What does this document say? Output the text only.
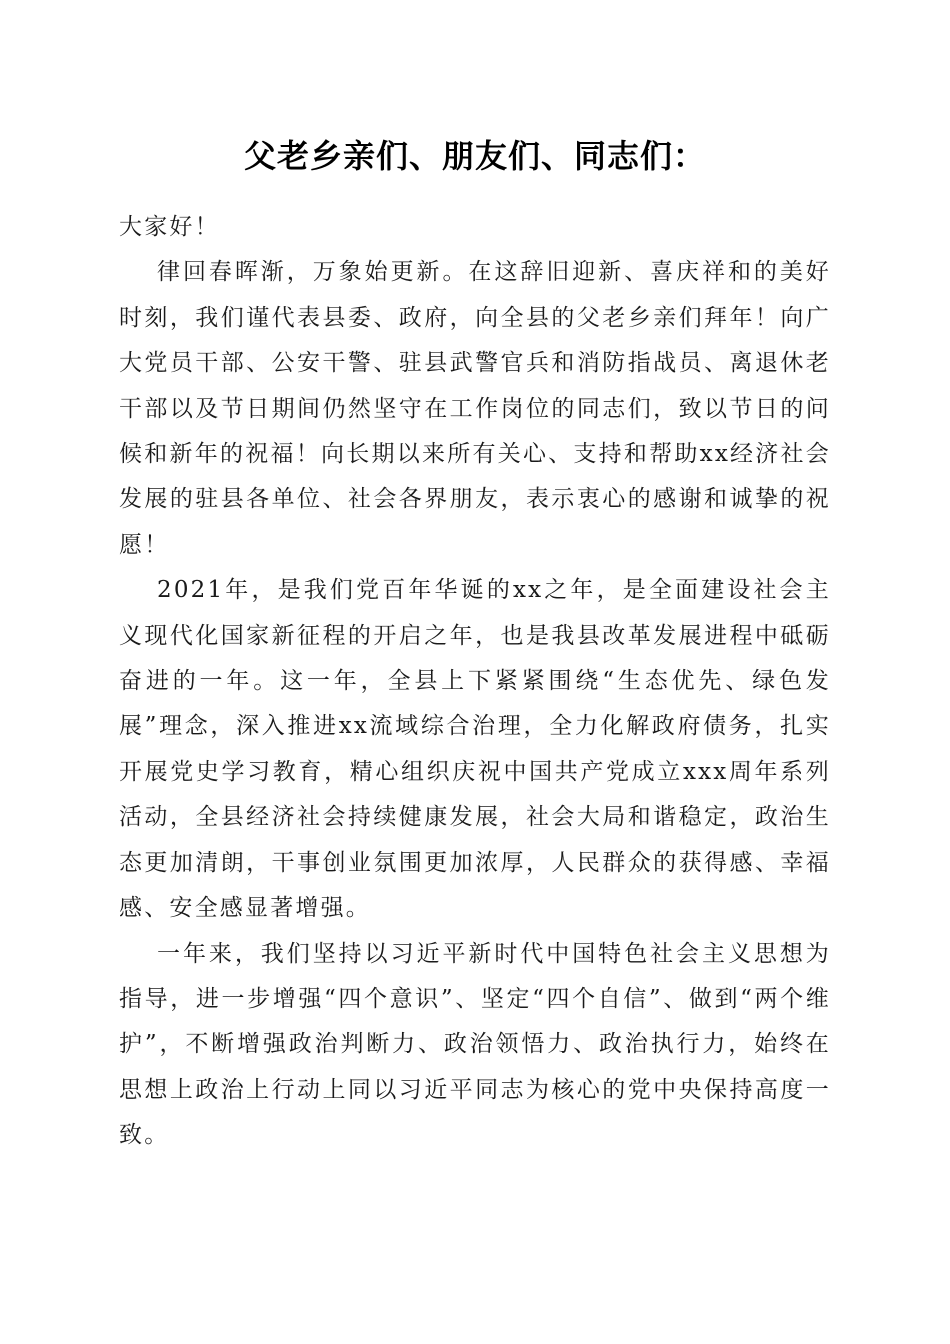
父老乡亲们、朋友们、同志们：

大家好！

律回春晖渐，万象始更新。在这辞旧迎新、喜庆祥和的美好时刻，我们谨代表县委、政府，向全县的父老乡亲们拜年！向广大党员干部、公安干警、驻县武警官兵和消防指战员、离退休老干部以及节日期间仍然坚守在工作岗位的同志们，致以节日的问候和新年的祝福！向长期以来所有关心、支持和帮助xx经济社会发展的驻县各单位、社会各界朋友，表示衷心的感谢和诚挚的祝愿！

2021年，是我们党百年华诞的xx之年，是全面建设社会主义现代化国家新征程的开启之年，也是我县改革发展进程中砥砺奋进的一年。这一年，全县上下紧紧围绕“生态优先、绿色发展”理念，深入推进xx流域综合治理，全力化解政府债务，扎实开展党史学习教育，精心组织庆祝中国共产党成立xxx周年系列活动，全县经济社会持续健康发展，社会大局和谐稳定，政治生态更加清朗，干事创业氛围更加浓厚，人民群众的获得感、幸福感、安全感显著增强。

一年来，我们坚持以习近平新时代中国特色社会主义思想为指导，进一步增强“四个意识”、坚定“四个自信”、做到“两个维护”，不断增强政治判断力、政治领悟力、政治执行力，始终在思想上政治上行动上同以习近平同志为核心的党中央保持高度一致。
